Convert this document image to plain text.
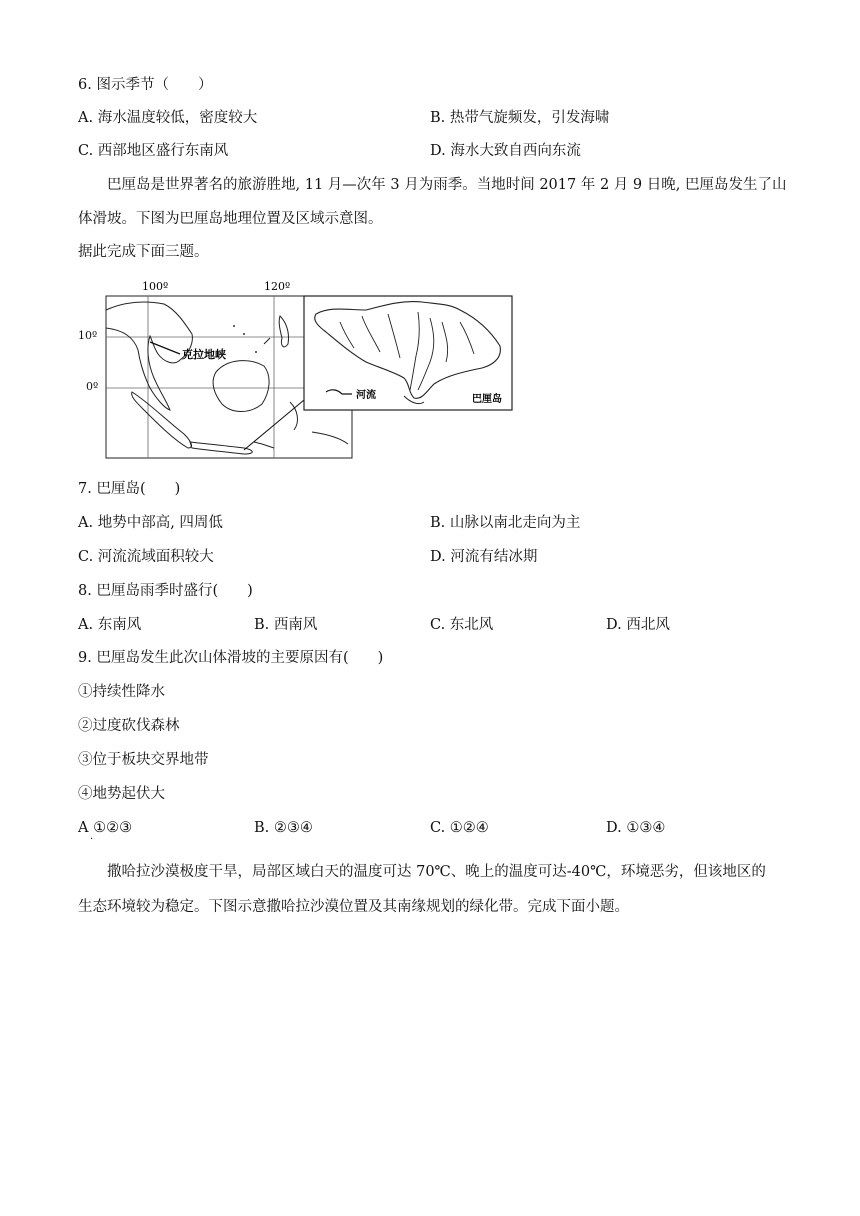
6. 图示季节（　　）
A. 海水温度较低，密度较大	B. 热带气旋频发，引发海啸
C. 西部地区盛行东南风	D. 海水大致自西向东流
巴厘岛是世界著名的旅游胜地, 11 月—次年 3 月为雨季。当地时间 2017 年 2 月 9 日晚, 巴厘岛发生了山
体滑坡。下图为巴厘岛地理位置及区域示意图。
据此完成下面三题。
克拉地峡
100º	120º
河流	巴厘岛
10º
0º
7. 巴厘岛(　　)
A. 地势中部高, 四周低	B. 山脉以南北走向为主
C. 河流流域面积较大	D. 河流有结冰期
8. 巴厘岛雨季时盛行(　　)
A. 东南风	B. 西南风	C. 东北风	D. 西北风
9. 巴厘岛发生此次山体滑坡的主要原因有(　　)
①持续性降水
②过度砍伐森林
③位于板块交界地带
④地势起伏大
A ①②③	B. ②③④	C. ①②④	D. ①③④
·
撒哈拉沙漠极度干旱，局部区域白天的温度可达 70℃、晚上的温度可达-40℃，环境恶劣，但该地区的
生态环境较为稳定。下图示意撒哈拉沙漠位置及其南缘规划的绿化带。完成下面小题。
